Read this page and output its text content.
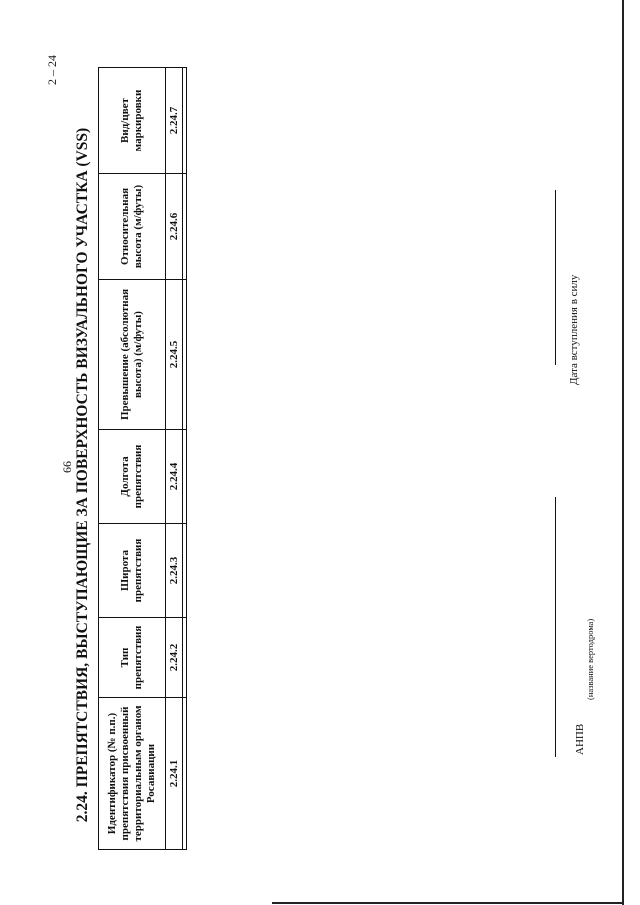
66
2 – 24
2.24. ПРЕПЯТСТВИЯ, ВЫСТУПАЮЩИЕ ЗА ПОВЕРХНОСТЬ ВИЗУАЛЬНОГО УЧАСТКА (VSS) Идентификатор (№ п.п.) препятствия присвоенный территориальным органом Росавиации	Тип препятствия	Широта препятствия	Долгота препятствия	Превышение (абсолютная высота) (м/футы)	Относительная высота (м/футы)	Вид/цвет маркировки
2.24.1	2.24.2	2.24.3	2.24.4	2.24.5	2.24.6	2.24.7

АНПВ
(название вертодрома)
Дата вступления в силу
